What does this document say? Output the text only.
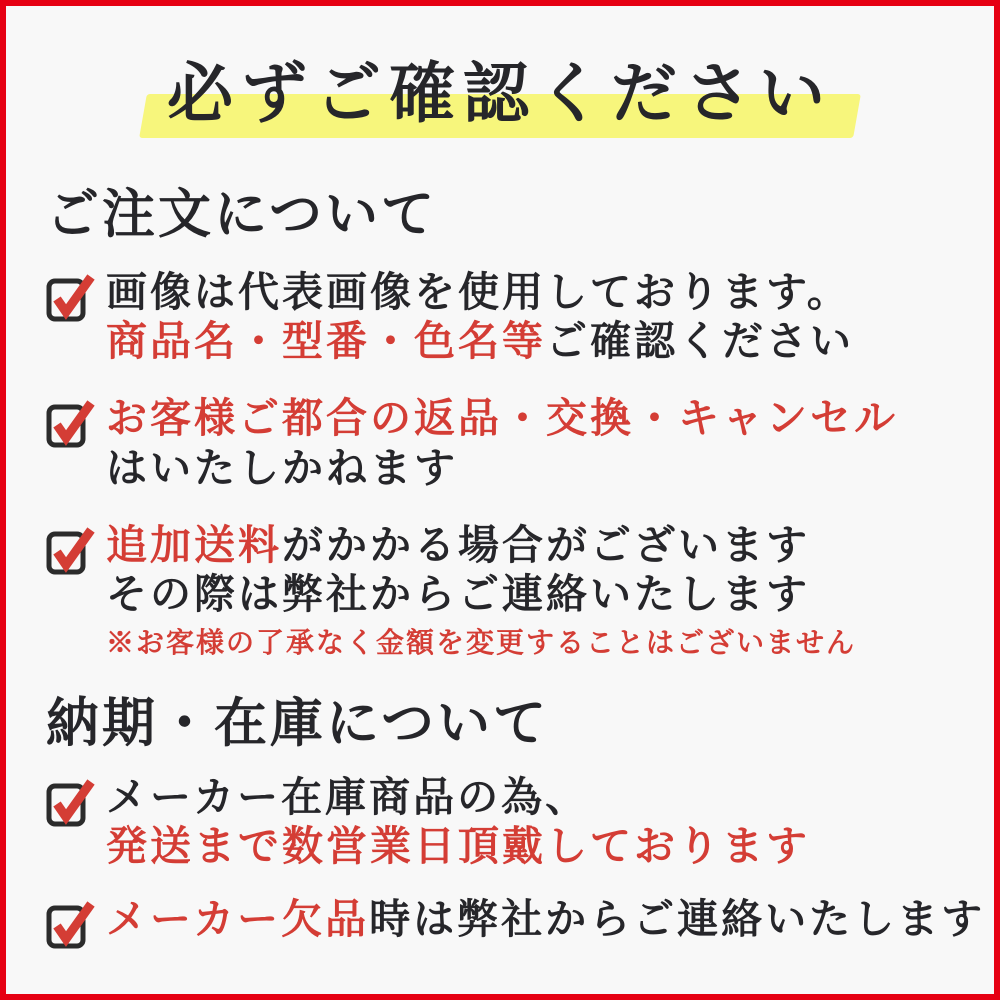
必ずご確認ください
ご注文について

画像は代表画像を使用しております。
商品名・型番・色名等ご確認ください

お客様ご都合の返品・交換・キャンセル
はいたしかねます

追加送料がかかる場合がございます
その際は弊社からご連絡いたします
※お客様の了承なく金額を変更することはございません

納期・在庫について

メーカー在庫商品の為、
発送まで数営業日頂戴しております

メーカー欠品時は弊社からご連絡いたします
